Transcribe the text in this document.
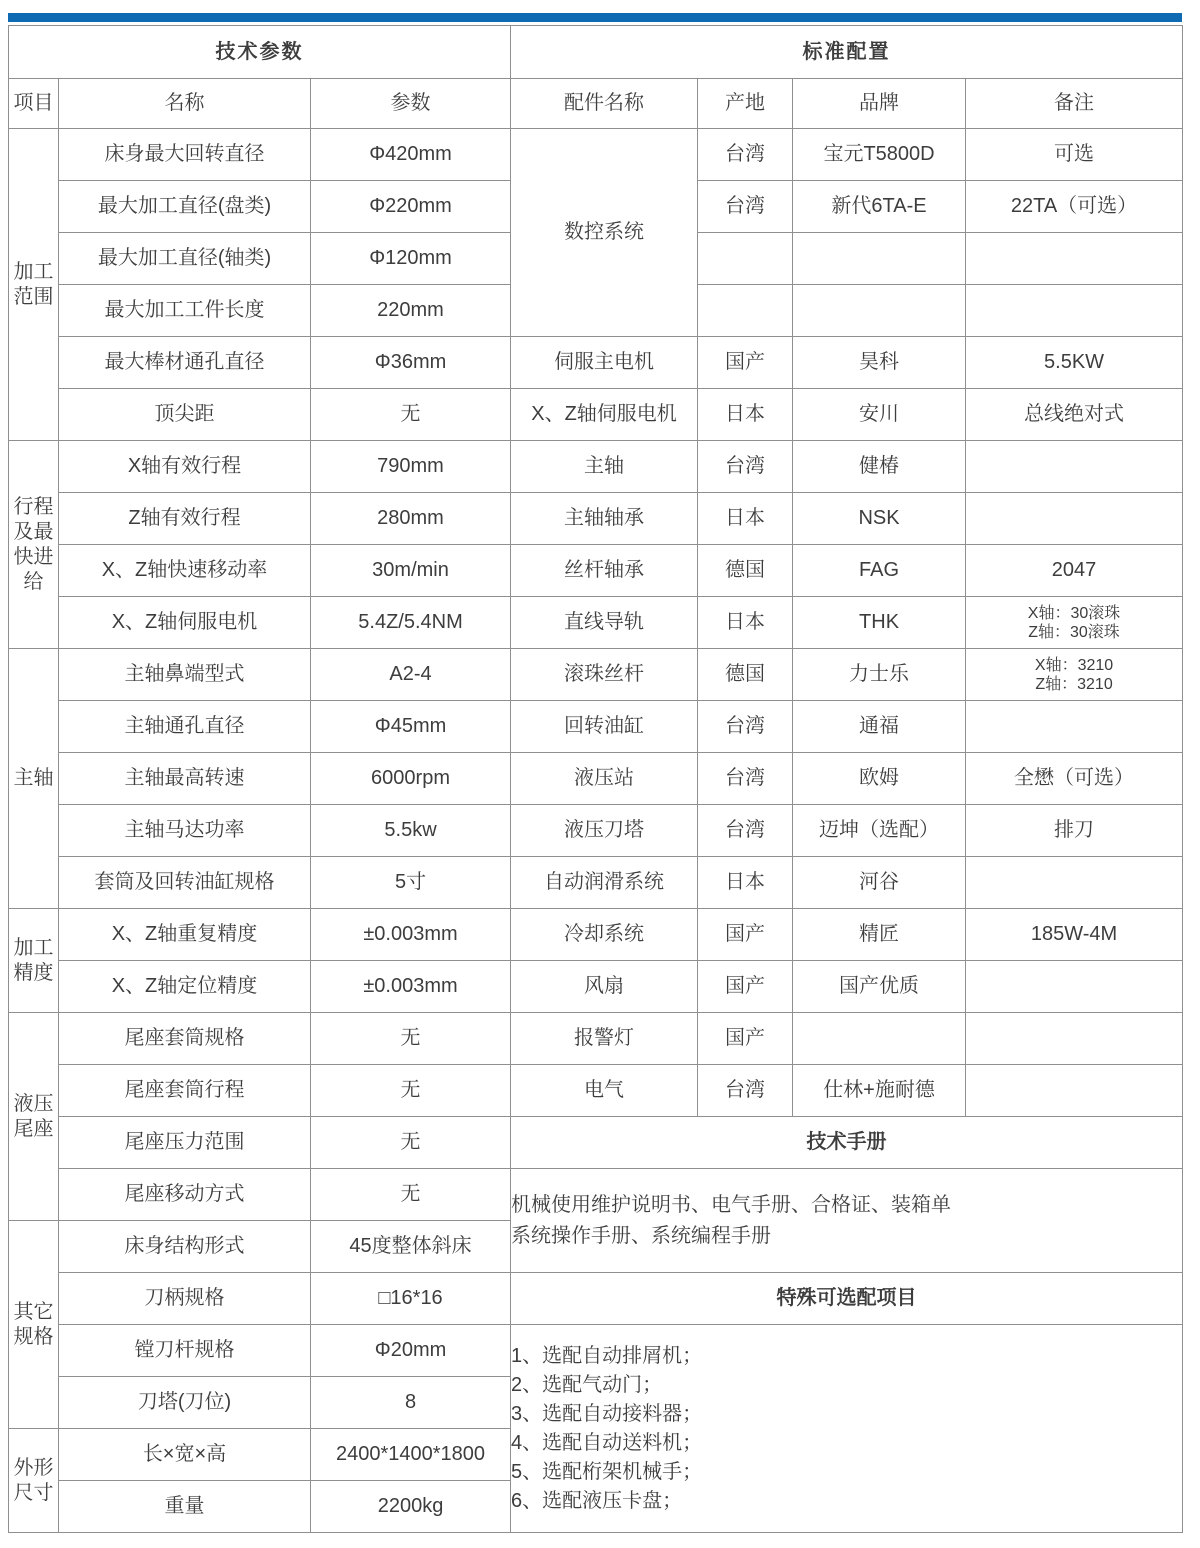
技术参数			标准配置			
项目	名称	参数	配件名称	产地	品牌	备注
加工范围	床身最大回转直径	Φ420mm	数控系统	台湾	宝元T5800D	可选
	最大加工直径(盘类)	Φ220mm		台湾	新代6TA-E	22TA（可选）
	最大加工直径(轴类)	Φ120mm				
	最大加工工件长度	220mm				
	最大棒材通孔直径	Φ36mm	伺服主电机	国产	昊科	5.5KW
	顶尖距	无	X、Z轴伺服电机	日本	安川	总线绝对式
行程及最快进给	X轴有效行程	790mm	主轴	台湾	健椿	
	Z轴有效行程	280mm	主轴轴承	日本	NSK	
	X、Z轴快速移动率	30m/min	丝杆轴承	德国	FAG	2047
	X、Z轴伺服电机	5.4Z/5.4NM	直线导轨	日本	THK	X轴：30滚珠
Z轴：30滚珠

主轴	主轴鼻端型式	A2-4	滚珠丝杆	德国	力士乐	X轴：3210
Z轴：3210

	主轴通孔直径	Φ45mm	回转油缸	台湾	通福	
	主轴最高转速	6000rpm	液压站	台湾	欧姆	全懋（可选）
	主轴马达功率	5.5kw	液压刀塔	台湾	迈坤（选配）	排刀
	套筒及回转油缸规格	5寸	自动润滑系统	日本	河谷	
加工精度	X、Z轴重复精度	±0.003mm	冷却系统	国产	精匠	185W-4M
	X、Z轴定位精度	±0.003mm	风扇	国产	国产优质	
液压尾座	尾座套筒规格	无	报警灯	国产		
	尾座套筒行程	无	电气	台湾	仕林+施耐德	
	尾座压力范围	无	技术手册			
	尾座移动方式	无	机械使用维护说明书、电气手册、合格证、装箱单
系统操作手册、系统编程手册			

其它规格	床身结构形式	45度整体斜床				
	刀柄规格	□16*16	特殊可选配项目			
镗刀杆规格	Φ20mm	1、选配自动排屑机；
2、选配气动门；
3、选配自动接料器；
4、选配自动送料机；
5、选配桁架机械手；
6、选配液压卡盘；

	刀塔(刀位)	8				
外形尺寸	长×宽×高	2400*1400*1800				
	重量	2200kg				
